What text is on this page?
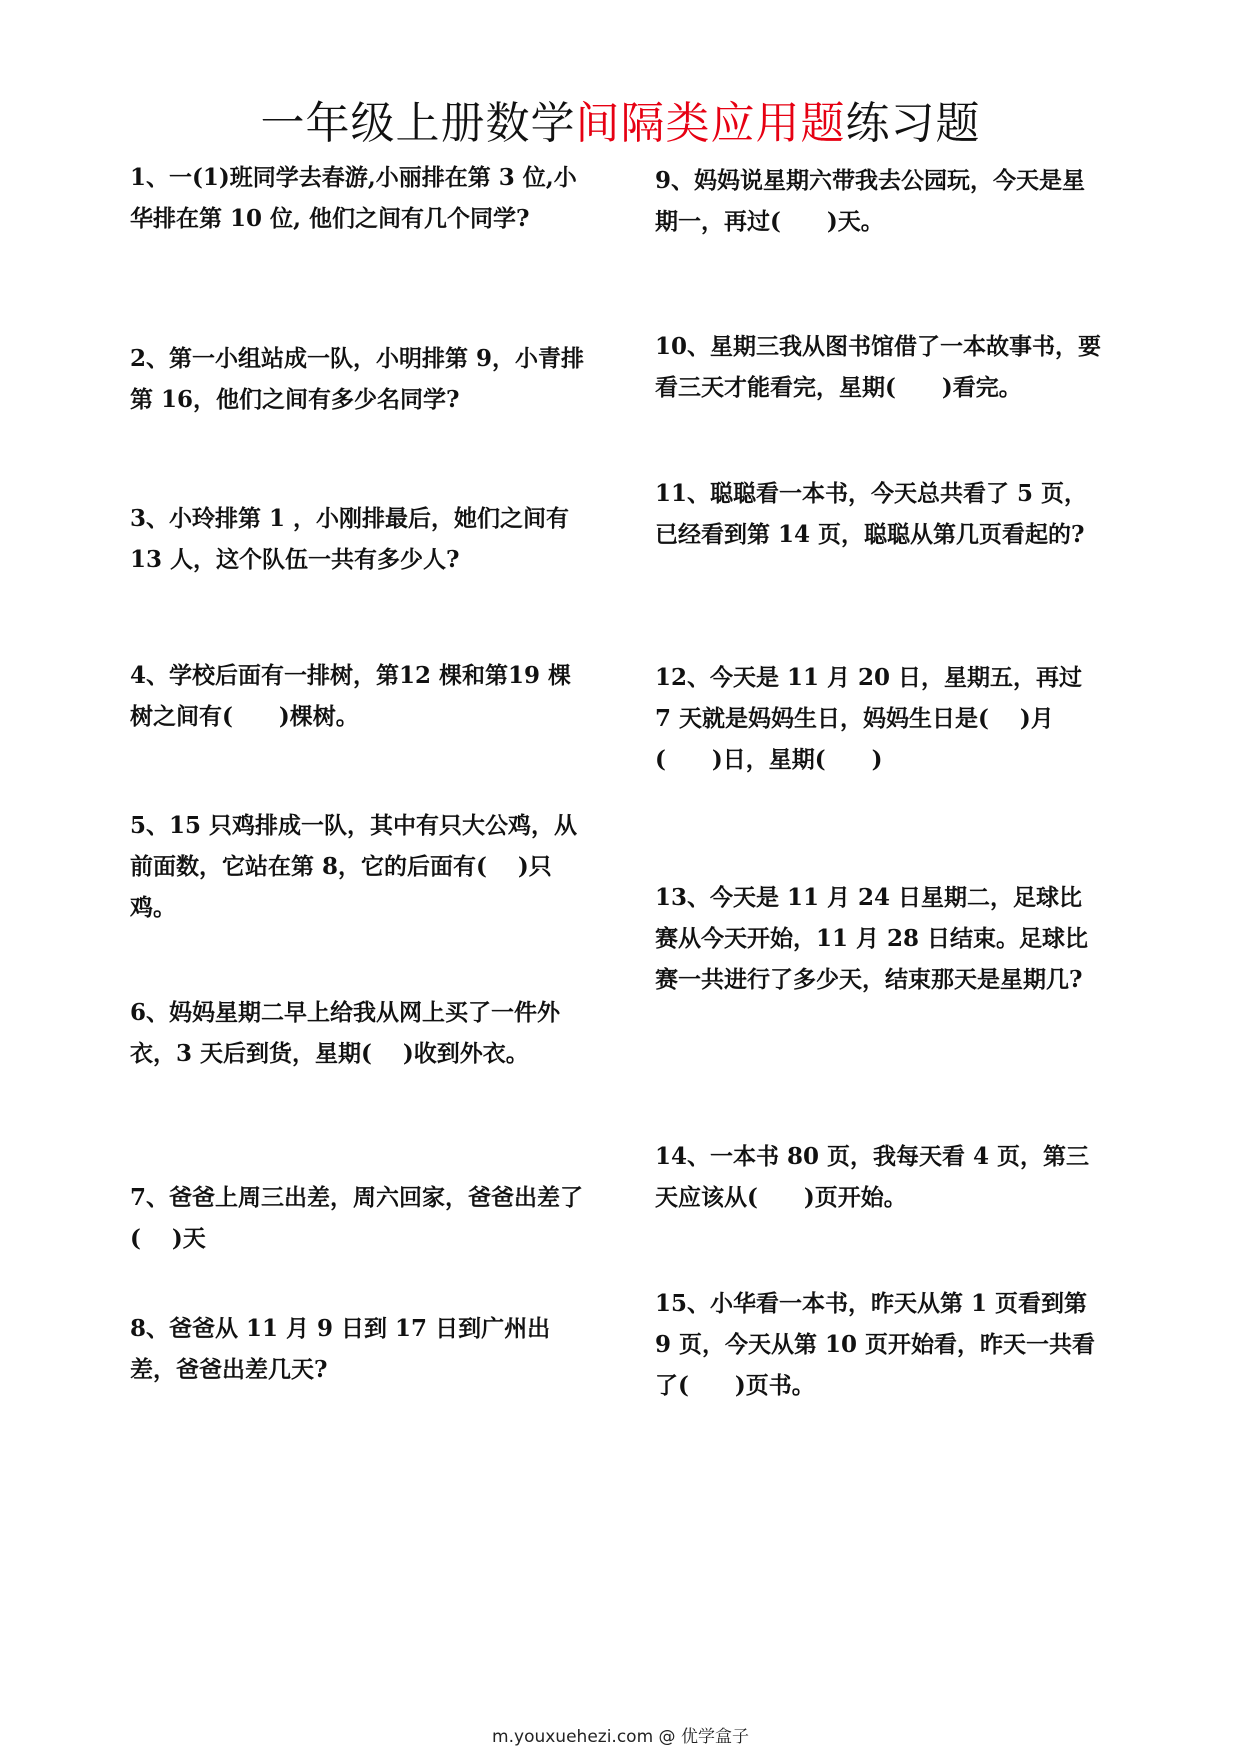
一年级上册数学间隔类应用题练习题

1、一(1)班同学去春游,小丽排在第 3 位,小华排在第 10 位, 他们之间有几个同学?

2、第一小组站成一队，小明排第 9，小青排第 16，他们之间有多少名同学?

3、小玲排第 1 ，小刚排最后，她们之间有 13 人，这个队伍一共有多少人?

4、学校后面有一排树，第12 棵和第19 棵树之间有(　　)棵树。

5、15 只鸡排成一队，其中有只大公鸡，从前面数，它站在第 8，它的后面有(　 )只鸡。

6、妈妈星期二早上给我从网上买了一件外衣，3 天后到货，星期(　 )收到外衣。

7、爸爸上周三出差，周六回家，爸爸出差了(　 )天

8、爸爸从 11 月 9 日到 17 日到广州出差，爸爸出差几天?

9、妈妈说星期六带我去公园玩，今天是星期一，再过(　　)天。

10、星期三我从图书馆借了一本故事书，要看三天才能看完，星期(　　)看完。

11、聪聪看一本书，今天总共看了 5 页，已经看到第 14 页，聪聪从第几页看起的?

12、今天是 11 月 20 日，星期五，再过 7 天就是妈妈生日，妈妈生日是(　 )月(　　)日，星期(　　)

13、今天是 11 月 24 日星期二，足球比赛从今天开始，11 月 28 日结束。足球比赛一共进行了多少天，结束那天是星期几?

14、一本书 80 页，我每天看 4 页，第三天应该从(　　)页开始。

15、小华看一本书，昨天从第 1 页看到第 9 页，今天从第 10 页开始看，昨天一共看了(　　)页书。

m.youxuehezi.com @ 优学盒子
